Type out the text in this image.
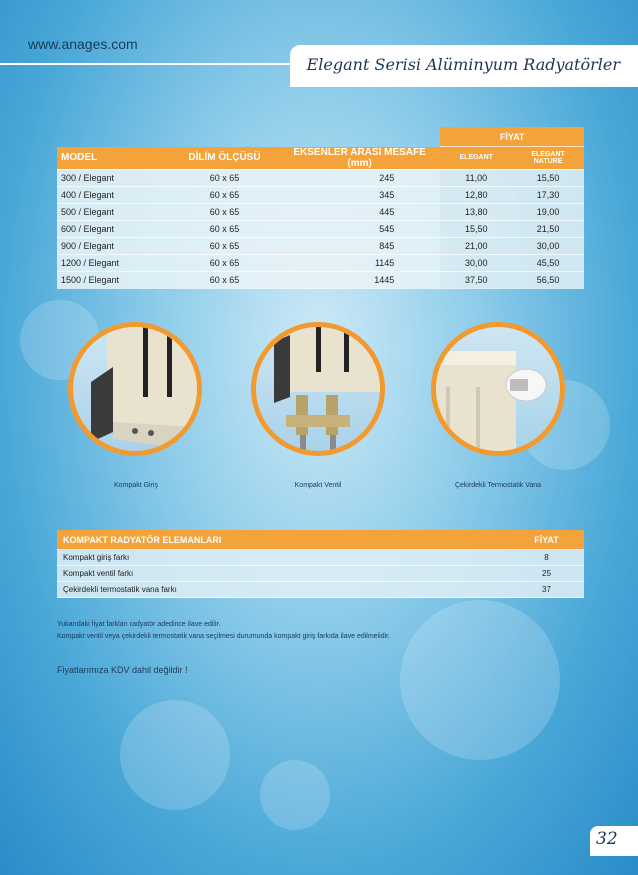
www.anages.com
Elegant Serisi Alüminyum Radyatörler
			FİYAT	
MODEL	DİLİM ÖLÇÜSÜ	EKSENLER ARASI MESAFE (mm)	ELEGANT	ELEGANT NATURE
300 / Elegant	60 x 65	245	11,00	15,50
400 / Elegant	60 x 65	345	12,80	17,30
500 / Elegant	60 x 65	445	13,80	19,00
600 / Elegant	60 x 65	545	15,50	21,50
900 / Elegant	60 x 65	845	21,00	30,00
1200 / Elegant	60 x 65	1145	30,00	45,50
1500 / Elegant	60 x 65	1445	37,50	56,50
Kompakt Giriş	Kompakt Ventil	Çekirdekli Termostatik Vana
KOMPAKT RADYATÖR ELEMANLARI	FİYAT
Kompakt giriş farkı	8
Kompakt ventil farkı	25
Çekirdekli termostatik vana farkı	37
Yukarıdaki fiyat farkları radyatör adedince ilave edilir.
Kompakt ventil veya çekirdekli termostatik vana seçilmesi durumunda kompakt giriş farkıda ilave edilmelidir.
Fiyatlarımıza KDV dahil değildir !
32
